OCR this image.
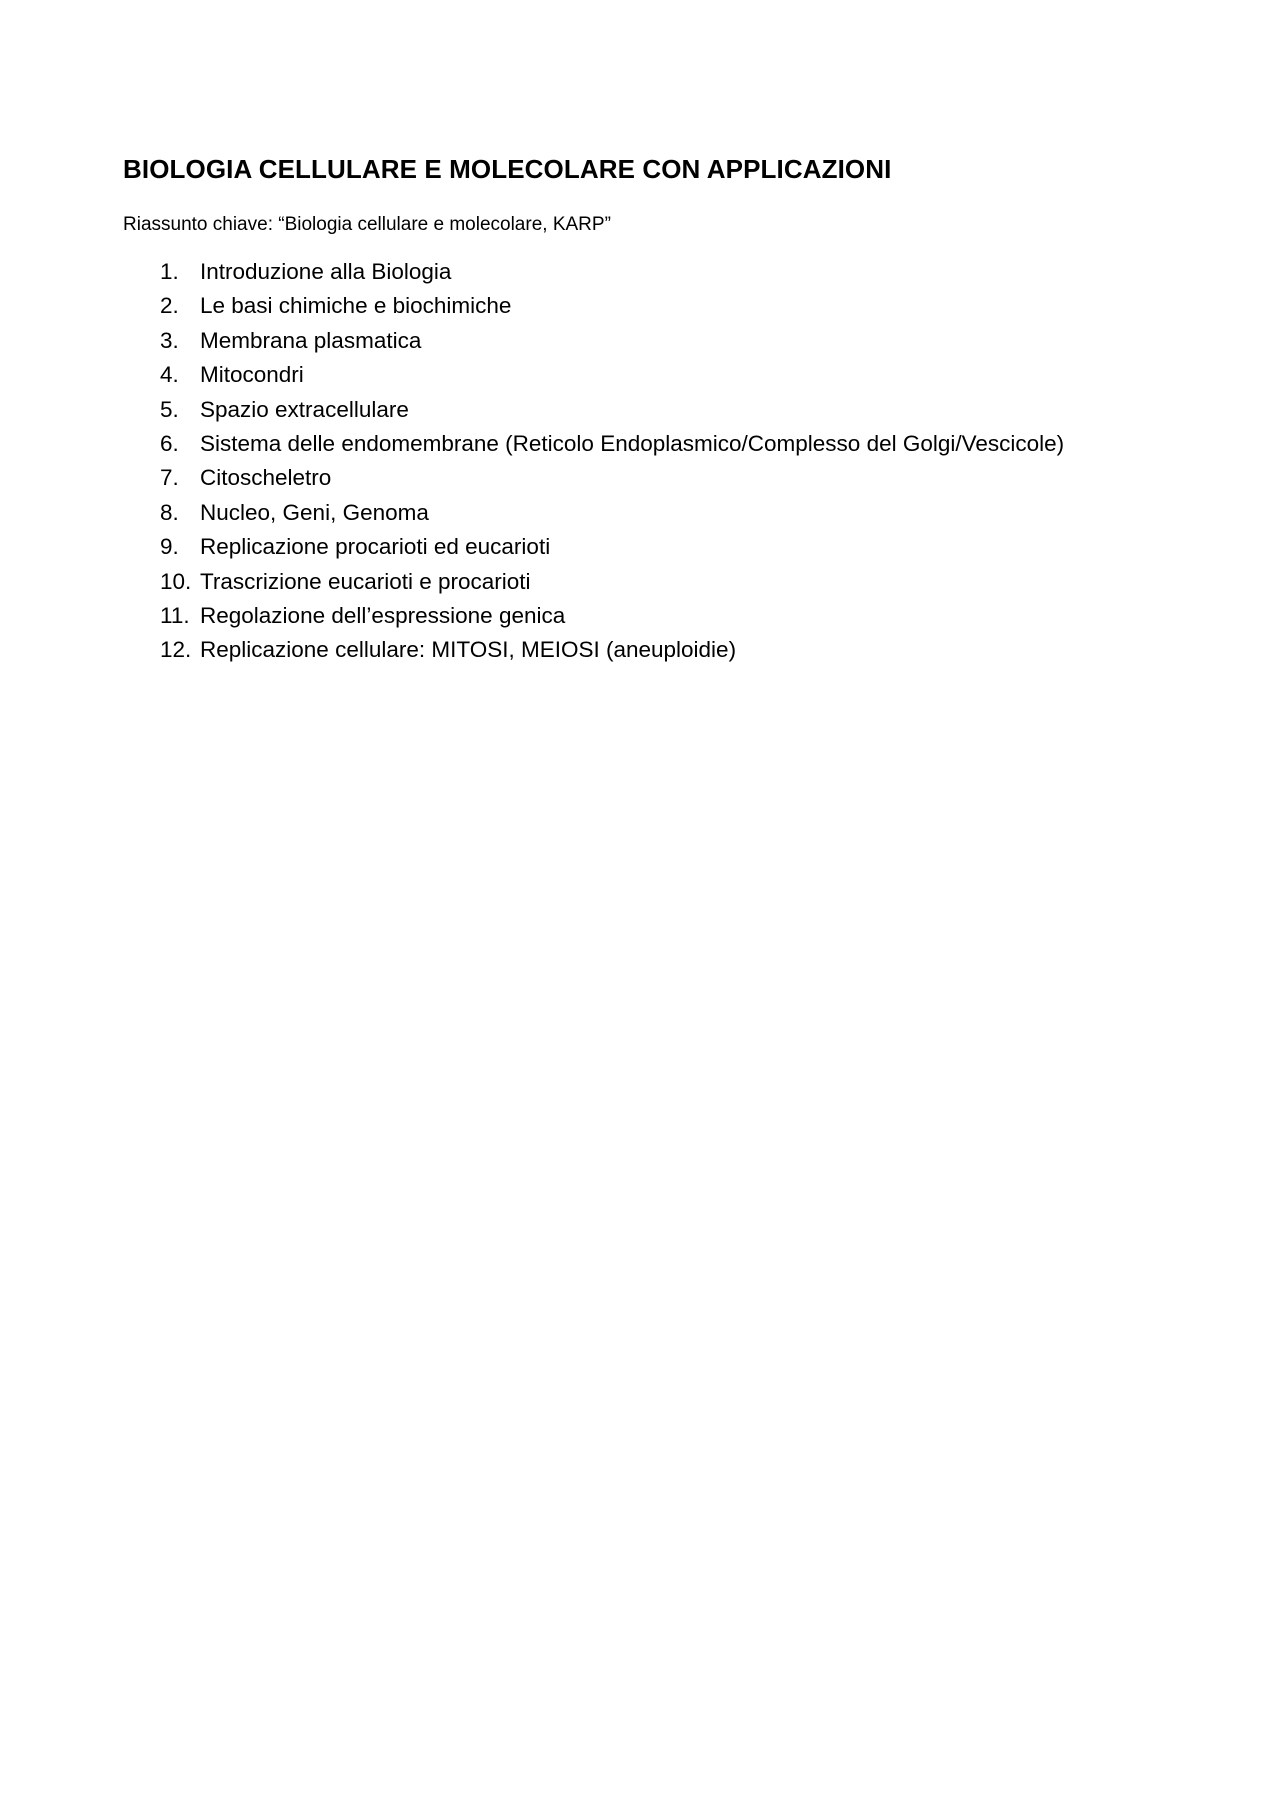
BIOLOGIA CELLULARE E MOLECOLARE CON APPLICAZIONI

Riassunto chiave: “Biologia cellulare e molecolare, KARP”

1. Introduzione alla Biologia
2. Le basi chimiche e biochimiche
3. Membrana plasmatica
4. Mitocondri
5. Spazio extracellulare
6. Sistema delle endomembrane (Reticolo Endoplasmico/Complesso del Golgi/Vescicole)
7. Citoscheletro
8. Nucleo, Geni, Genoma
9. Replicazione procarioti ed eucarioti
10. Trascrizione eucarioti e procarioti
11. Regolazione dell’espressione genica
12. Replicazione cellulare: MITOSI, MEIOSI (aneuploidie)
